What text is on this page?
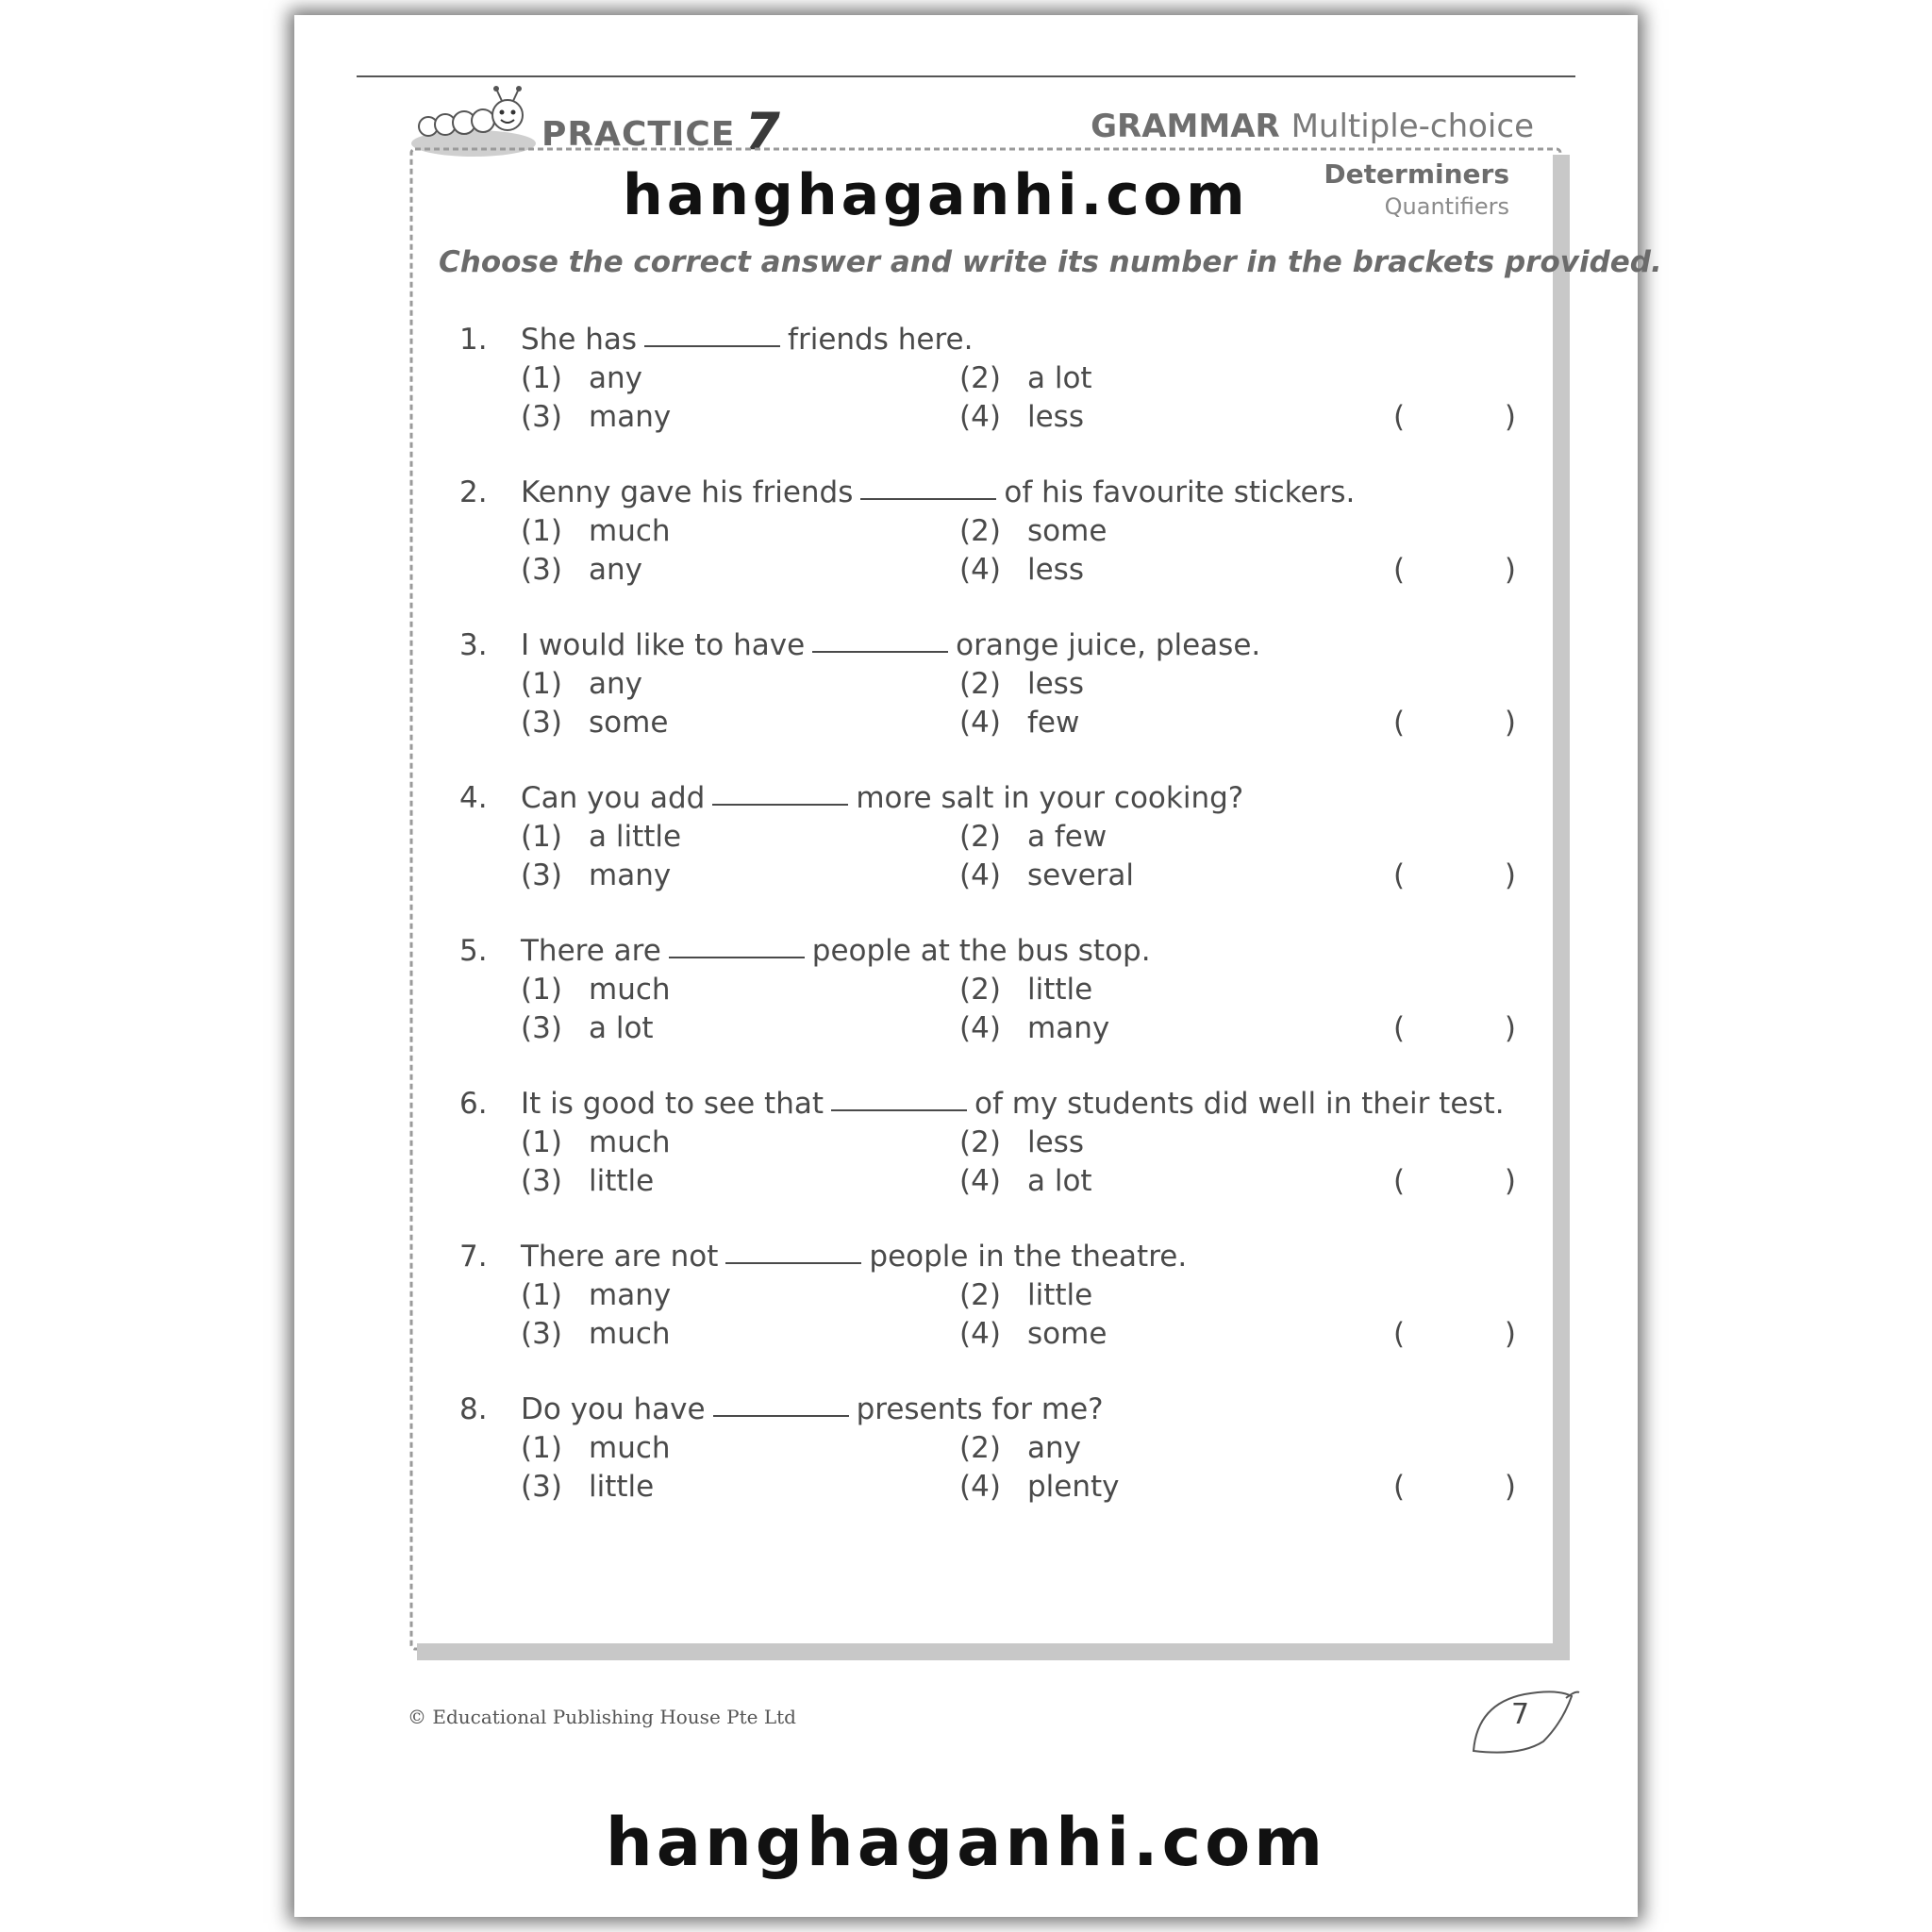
PRACTICE 7	GRAMMAR Multiple-choice
Determiners
Quantifiers
hanghaganhi.com
Choose the correct answer and write its number in the brackets provided.
1. She has	friends here.
(1) any	(2) a lot
(3) many	(4) less	(	)
2. Kenny gave his friends	of his favourite stickers.
(1) much	(2) some
(3) any	(4) less	(	)
3. I would like to have	orange juice, please.
(1) any	(2) less
(3) some	(4) few	(	)
4. Can you add	more salt in your cooking?
(1) a little	(2) a few
(3) many	(4) several	(	)
5. There are	people at the bus stop.
(1) much	(2) little
(3) a lot	(4) many	(	)
6. It is good to see that	of my students did well in their test.
(1) much	(2) less
(3) little	(4) a lot	(	)
7. There are not	people in the theatre.
(1) many	(2) little
(3) much	(4) some	(	)
8. Do you have	presents for me?
(1) much	(2) any
(3) little	(4) plenty	(	)
© Educational Publishing House Pte Ltd	7
hanghaganhi.com
